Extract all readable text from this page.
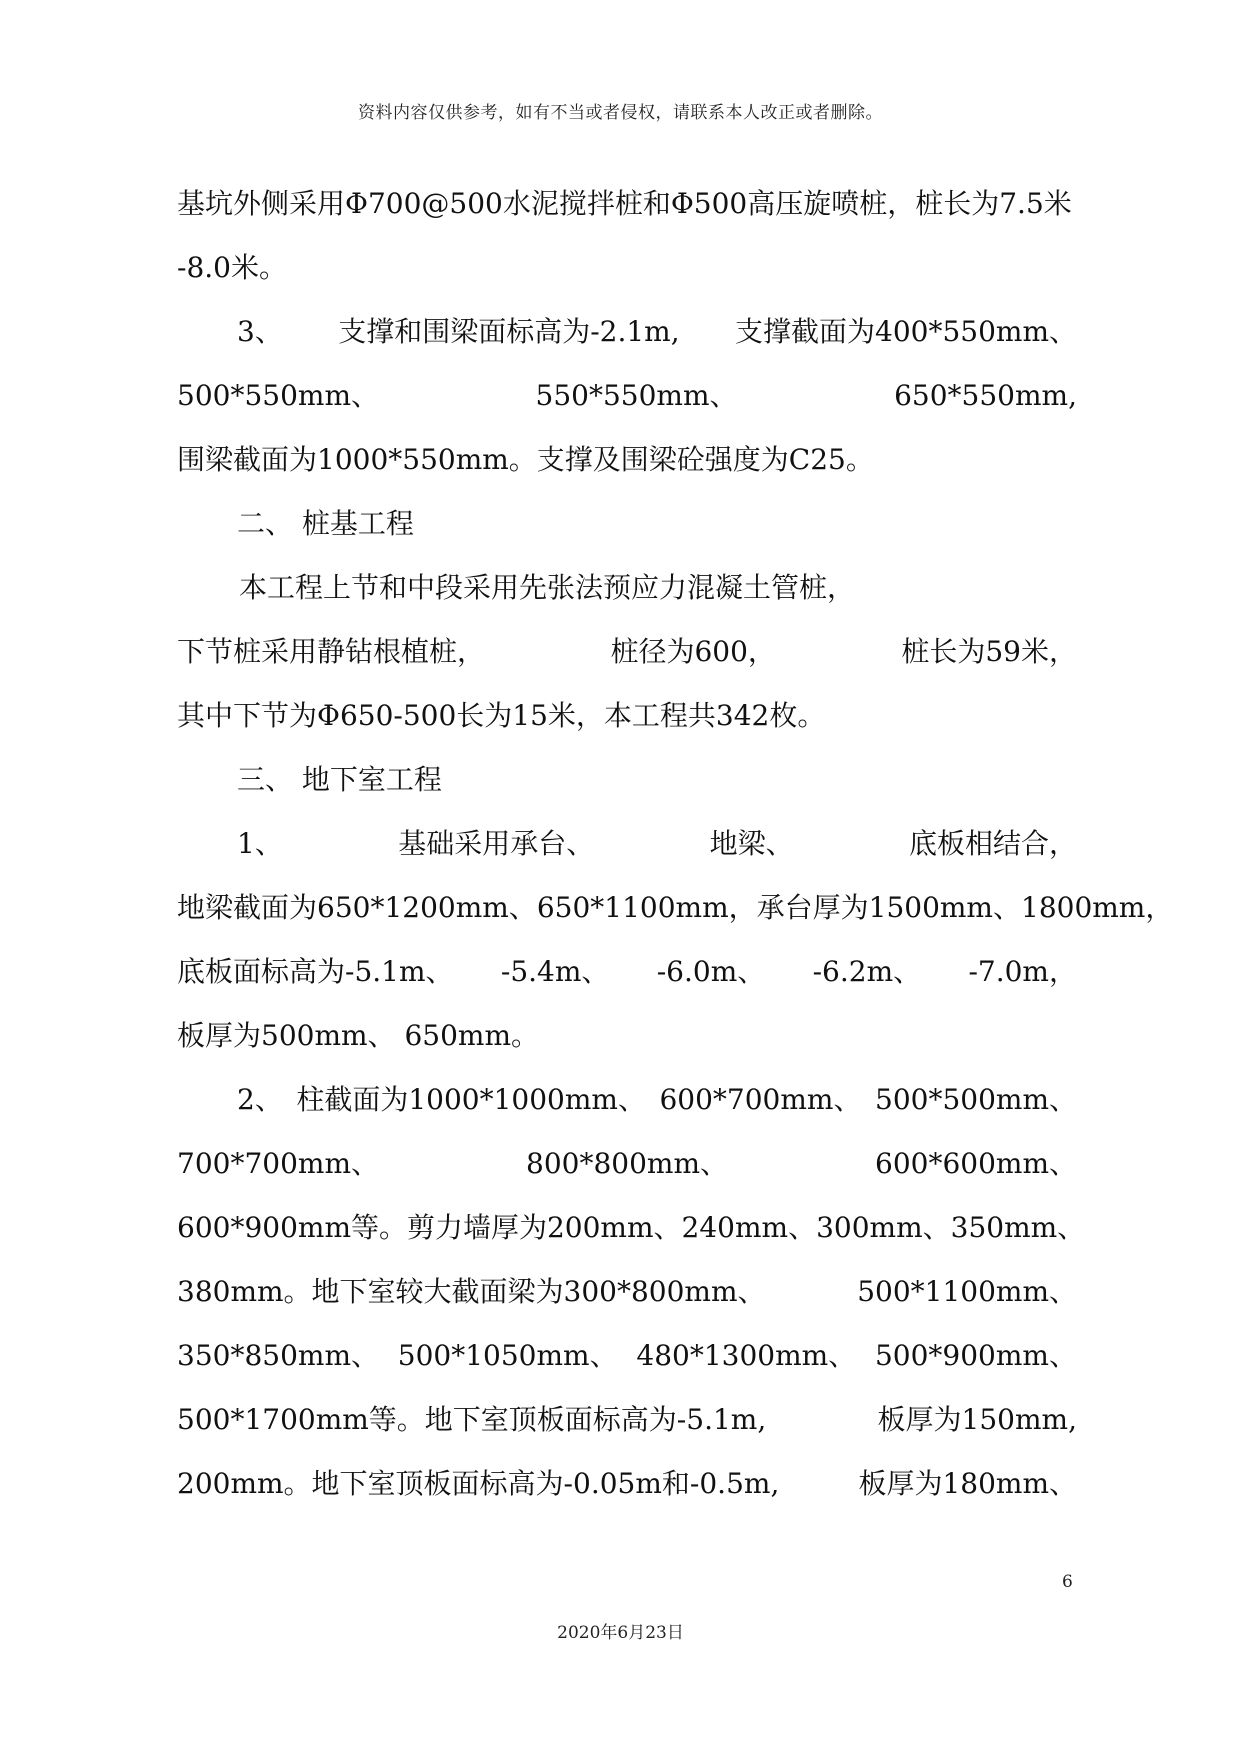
资料内容仅供参考，如有不当或者侵权，请联系本人改正或者删除。
基坑外侧采用Φ700@500水泥搅拌桩和Φ500高压旋喷桩，桩长为7.5米
-8.0米。
3、 支撑和围梁面标高为-2.1m, 支撑截面为400*550mm、
500*550mm、	550*550mm、	650*550mm,
围梁截面为1000*550mm。支撑及围梁砼强度为C25。
二、 桩基工程
本工程上节和中段采用先张法预应力混凝土管桩，
下节桩采用静钻根植桩，	桩径为600，	桩长为59米，
其中下节为Φ650-500长为15米，本工程共342枚。
三、 地下室工程
1、	基础采用承台、	地梁、	底板相结合，
地梁截面为650*1200mm、 650*1100mm， 承台厚为1500mm、 1800mm，
底板面标高为-5.1m、 -5.4m、 -6.0m、 -6.2m、 -7.0m，
板厚为500mm、 650mm。
2、 柱截面为1000*1000mm、 600*700mm、 500*500mm、
700*700mm、	800*800mm、	600*600mm、
600*900mm等。剪力墙厚为200mm、 240mm、 300mm、 350mm、
380mm。地下室较大截面梁为300*800mm、	500*1100mm、
350*850mm、 500*1050mm、 480*1300mm、 500*900mm、
500*1700mm等。地下室顶板面标高为-5.1m,	板厚为150mm,
200mm。地下室顶板面标高为-0.05m和-0.5m,	板厚为180mm、
6
2020年6月23日
